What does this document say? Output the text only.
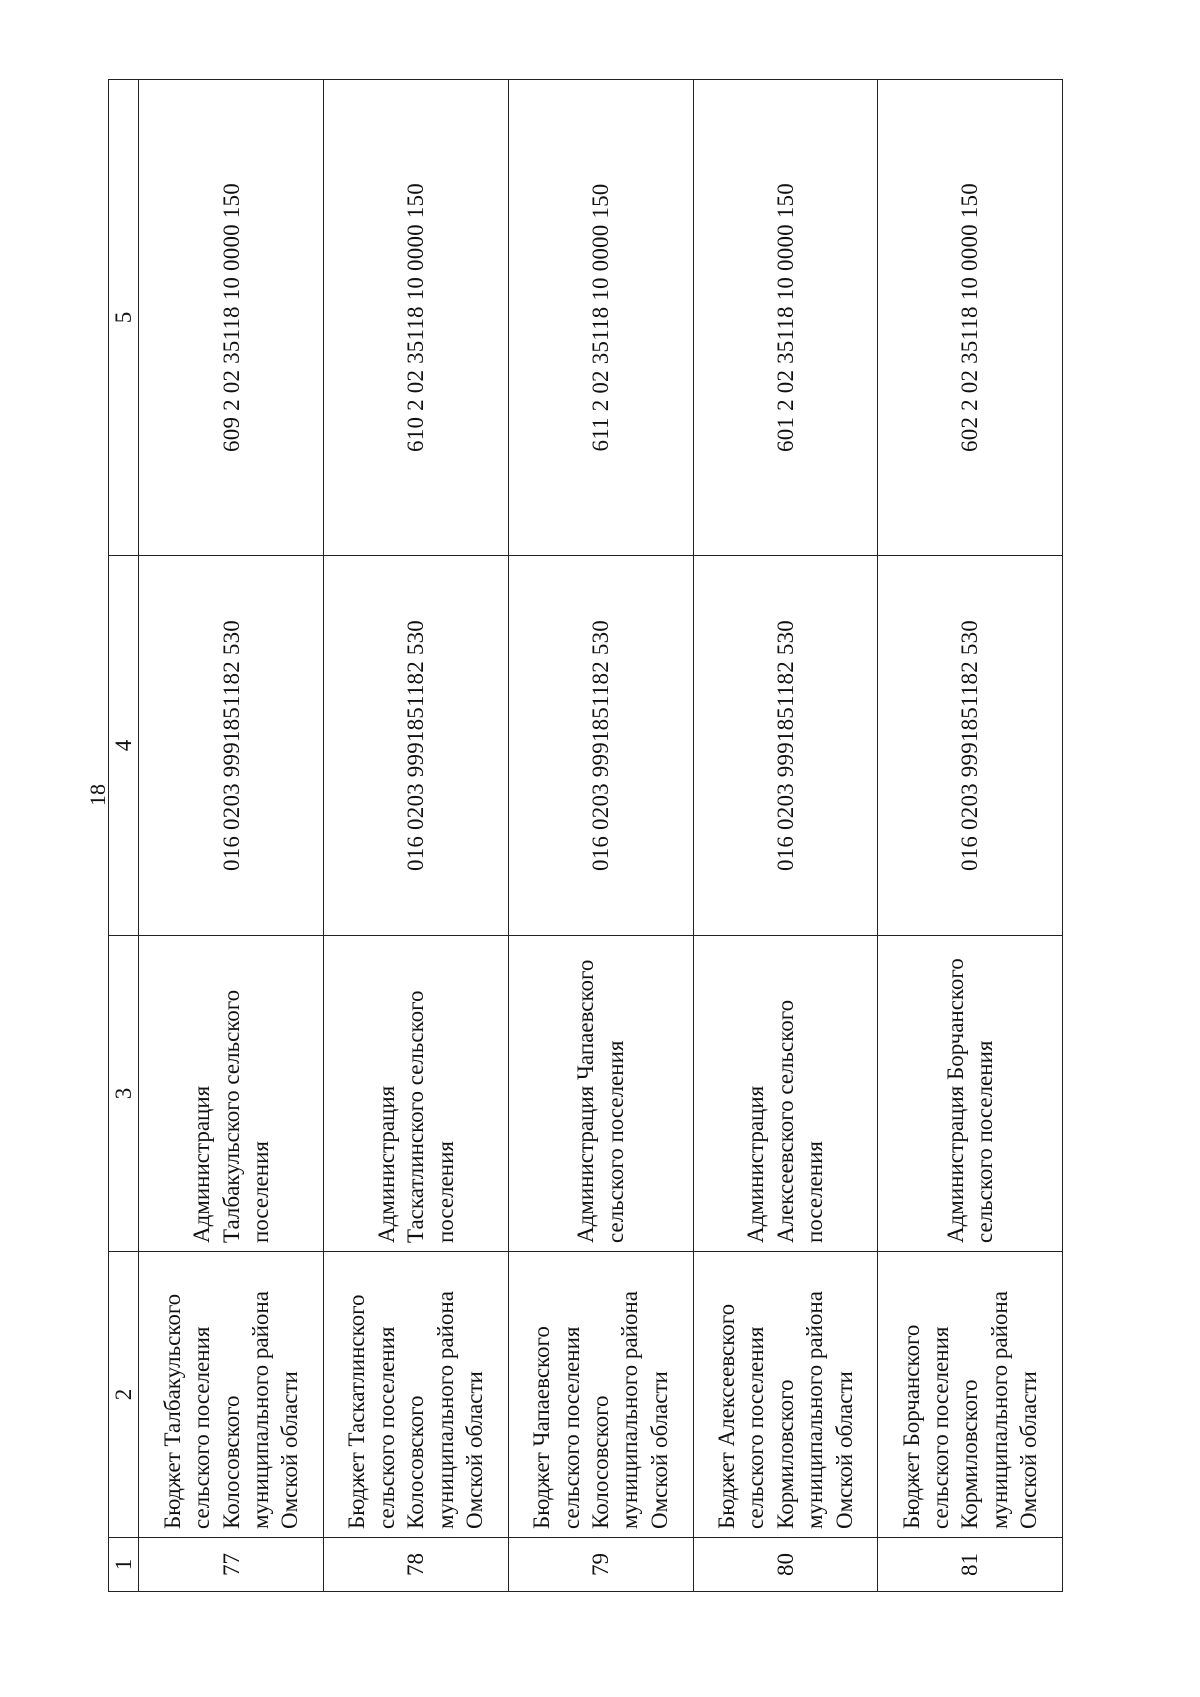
18
1	2	3	4	5
77	Бюджет Талбакульского сельского поселения Колосовского муниципального района Омской области	Администрация Талбакульского сельского поселения	016 0203 9991851182 530	609 2 02 35118 10 0000 150
78	Бюджет Таскатлинского сельского поселения Колосовского муниципального района Омской области	Администрация Таскатлинского сельского поселения	016 0203 9991851182 530	610 2 02 35118 10 0000 150
79	Бюджет Чапаевского сельского поселения Колосовского муниципального района Омской области	Администрация Чапаевского сельского поселения	016 0203 9991851182 530	611 2 02 35118 10 0000 150
80	Бюджет Алексеевского сельского поселения Кормиловского муниципального района Омской области	Администрация Алексеевского сельского поселения	016 0203 9991851182 530	601 2 02 35118 10 0000 150
81	Бюджет Борчанского сельского поселения Кормиловского муниципального района Омской области	Администрация Борчанского сельского поселения	016 0203 9991851182 530	602 2 02 35118 10 0000 150
